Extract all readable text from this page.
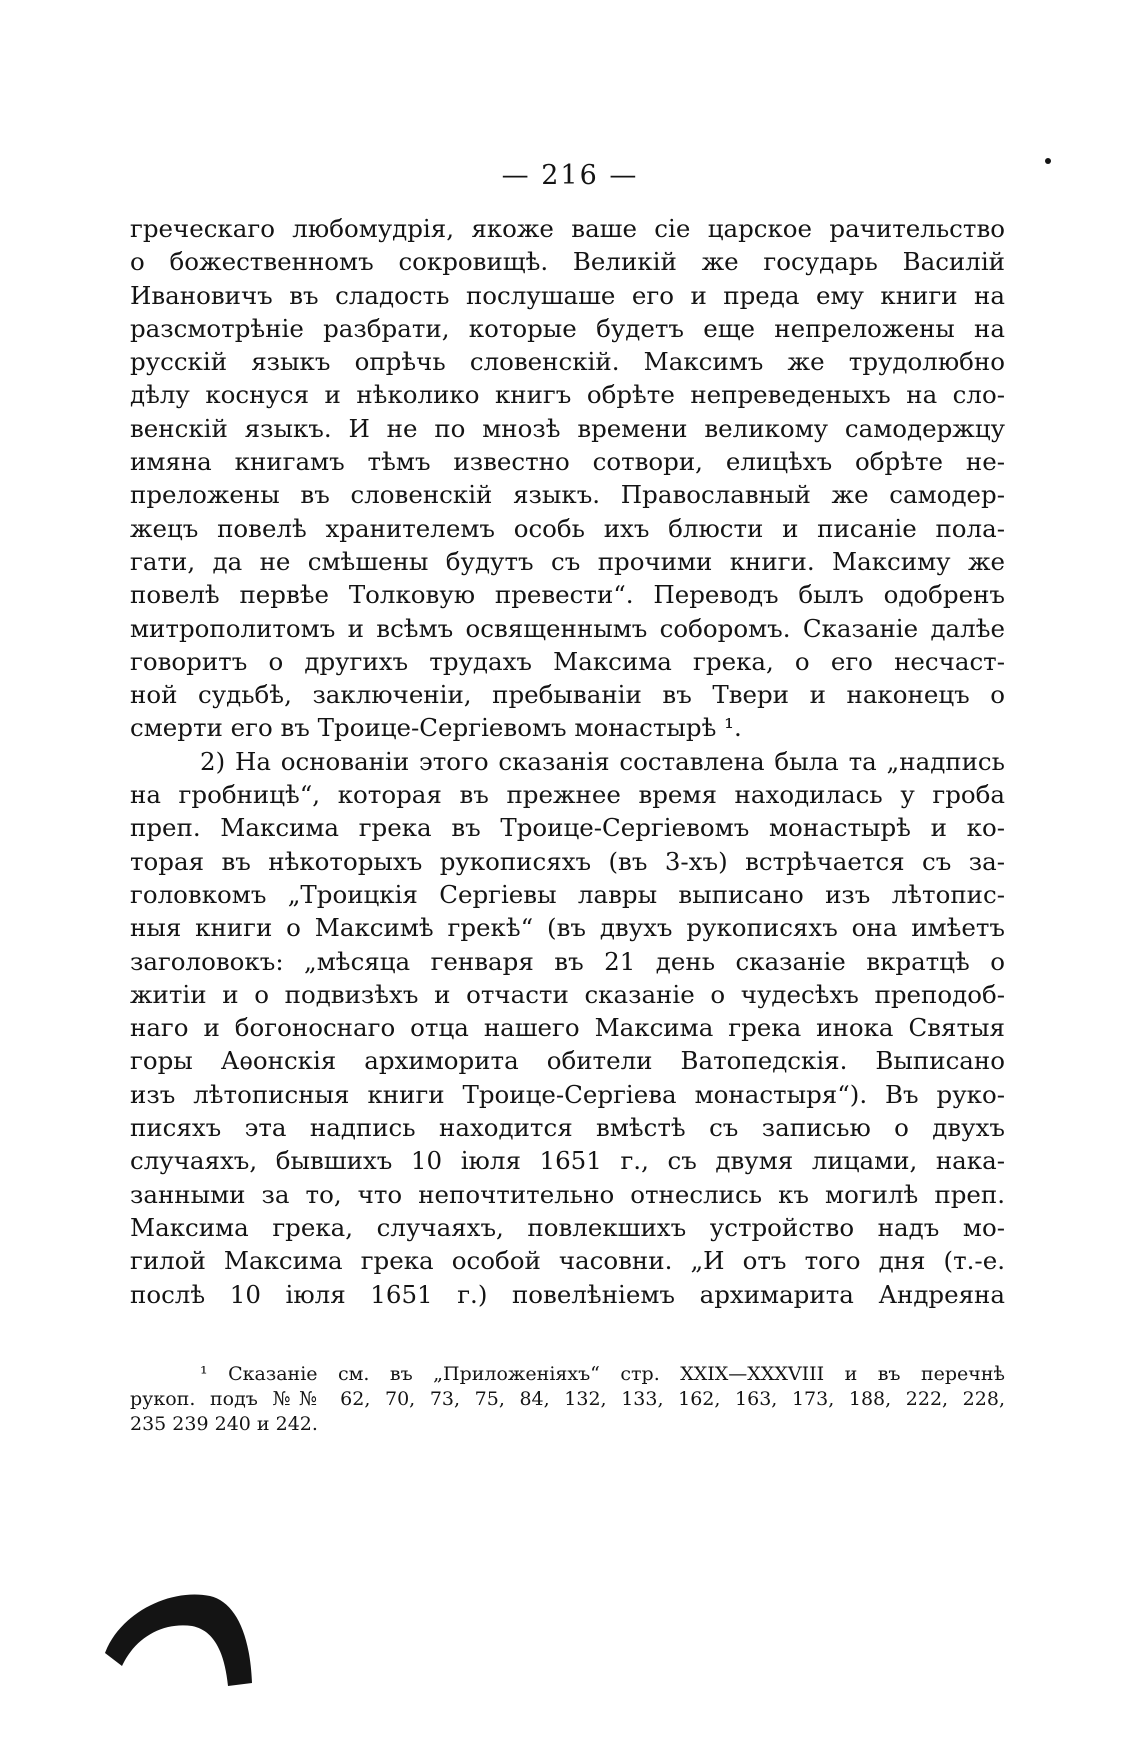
— 216 —
греческаго любомудрія, якоже ваше сіе царское рачительство
о божественномъ сокровищѣ. Великій же государь Василій
Ивановичъ въ сладость послушаше его и преда ему книги на
разсмотрѣніе разбрати, которые будетъ еще непреложены на
русскій языкъ опрѣчь словенскій. Максимъ же трудолюбно
дѣлу коснуся и нѣколико книгъ обрѣте непреведеныхъ на сло-
венскій языкъ. И не по мнозѣ времени великому самодержцу
имяна книгамъ тѣмъ известно сотвори, елицѣхъ обрѣте не-
преложены въ словенскій языкъ. Православный же самодер-
жецъ повелѣ хранителемъ особь ихъ блюсти и писаніе пола-
гати, да не смѣшены будутъ съ прочими книги. Максиму же
повелѣ первѣе Толковую превести“. Переводъ былъ одобренъ
митрополитомъ и всѣмъ освященнымъ соборомъ. Сказаніе далѣе
говоритъ о другихъ трудахъ Максима грека, о его несчаст-
ной судьбѣ, заключеніи, пребываніи въ Твери и наконецъ о
смерти его въ Троице-Сергіевомъ монастырѣ ¹.
2) На основаніи этого сказанія составлена была та „надпись
на гробницѣ“, которая въ прежнее время находилась у гроба
преп. Максима грека въ Троице-Сергіевомъ монастырѣ и ко-
торая въ нѣкоторыхъ рукописяхъ (въ 3-хъ) встрѣчается съ за-
головкомъ „Троицкія Сергіевы лавры выписано изъ лѣтопис-
ныя книги о Максимѣ грекѣ“ (въ двухъ рукописяхъ она имѣетъ
заголовокъ: „мѣсяца генваря въ 21 день сказаніе вкратцѣ о
житіи и о подвизѣхъ и отчасти сказаніе о чудесѣхъ преподоб-
наго и богоноснаго отца нашего Максима грека инока Святыя
горы Аѳонскія архиморита обители Ватопедскія. Выписано
изъ лѣтописныя книги Троице-Сергіева монастыря“). Въ руко-
писяхъ эта надпись находится вмѣстѣ съ записью о двухъ
случаяхъ, бывшихъ 10 іюля 1651 г., съ двумя лицами, нака-
занными за то, что непочтительно отнеслись къ могилѣ преп.
Максима грека, случаяхъ, повлекшихъ устройство надъ мо-
гилой Максима грека особой часовни. „И отъ того дня (т.-е.
послѣ 10 іюля 1651 г.) повелѣніемъ архимарита Андреяна
¹ Сказаніе см. въ „Приложеніяхъ“ стр. XXIX—XXXVIII и въ перечнѣ
рукоп. подъ №№ 62, 70, 73, 75, 84, 132, 133, 162, 163, 173, 188, 222, 228,
235 239 240 и 242.
